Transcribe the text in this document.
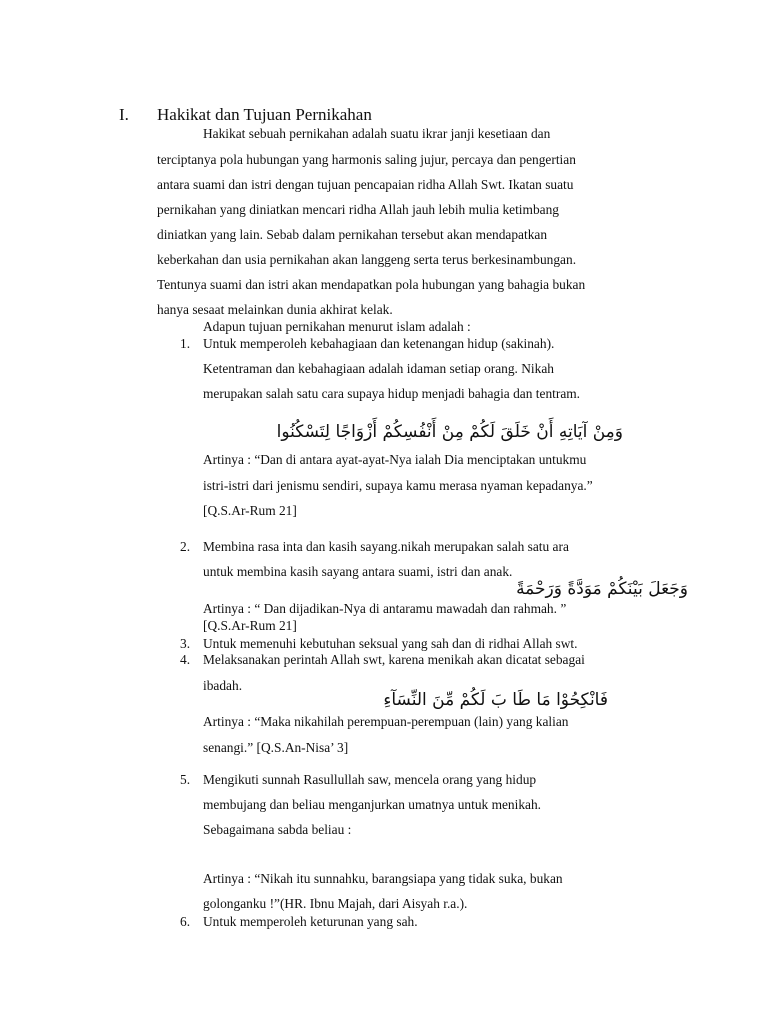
I. Hakikat dan Tujuan Pernikahan
Hakikat sebuah pernikahan adalah suatu ikrar janji kesetiaan dan
terciptanya pola hubungan yang harmonis saling jujur, percaya dan pengertian
antara suami dan istri dengan tujuan pencapaian ridha Allah Swt. Ikatan suatu
pernikahan yang diniatkan mencari ridha Allah jauh lebih mulia ketimbang
diniatkan yang lain. Sebab dalam pernikahan tersebut akan mendapatkan
keberkahan dan usia pernikahan akan langgeng serta terus berkesinambungan.
Tentunya suami dan istri akan mendapatkan pola hubungan yang bahagia bukan
hanya sesaat melainkan dunia akhirat kelak.
Adapun tujuan pernikahan menurut islam adalah :
1. Untuk memperoleh kebahagiaan dan ketenangan hidup (sakinah).
Ketentraman dan kebahagiaan adalah idaman setiap orang. Nikah
merupakan salah satu cara supaya hidup menjadi bahagia dan tentram.
وَمِنْ آيَاتِهِ أَنْ خَلَقَ لَكُمْ مِنْ أَنْفُسِكُمْ أَزْوَاجًا لِتَسْكُنُوا
Artinya : “Dan di antara ayat-ayat-Nya ialah Dia menciptakan untukmu
istri-istri dari jenismu sendiri, supaya kamu merasa nyaman kepadanya.”
[Q.S.Ar-Rum 21]
2. Membina rasa inta dan kasih sayang.nikah merupakan salah satu ara
untuk membina kasih sayang antara suami, istri dan anak.
وَجَعَلَ بَيْنَكُمْ مَوَدَّةً وَرَحْمَةً
Artinya : “ Dan dijadikan-Nya di antaramu mawadah dan rahmah. ”
[Q.S.Ar-Rum 21]
3. Untuk memenuhi kebutuhan seksual yang sah dan di ridhai Allah swt.
4. Melaksanakan perintah Allah swt, karena menikah akan dicatat sebagai
ibadah.
فَانْكِحُوْا مَا طَا بَ لَكُمْ مِّنَ النِّسَآءِ
Artinya : “Maka nikahilah perempuan-perempuan (lain) yang kalian
senangi.” [Q.S.An-Nisa’ 3]
5. Mengikuti sunnah Rasullullah saw, mencela orang yang hidup
membujang dan beliau menganjurkan umatnya untuk menikah.
Sebagaimana sabda beliau :
Artinya : “Nikah itu sunnahku, barangsiapa yang tidak suka, bukan
golonganku !”(HR. Ibnu Majah, dari Aisyah r.a.).
6. Untuk memperoleh keturunan yang sah.
